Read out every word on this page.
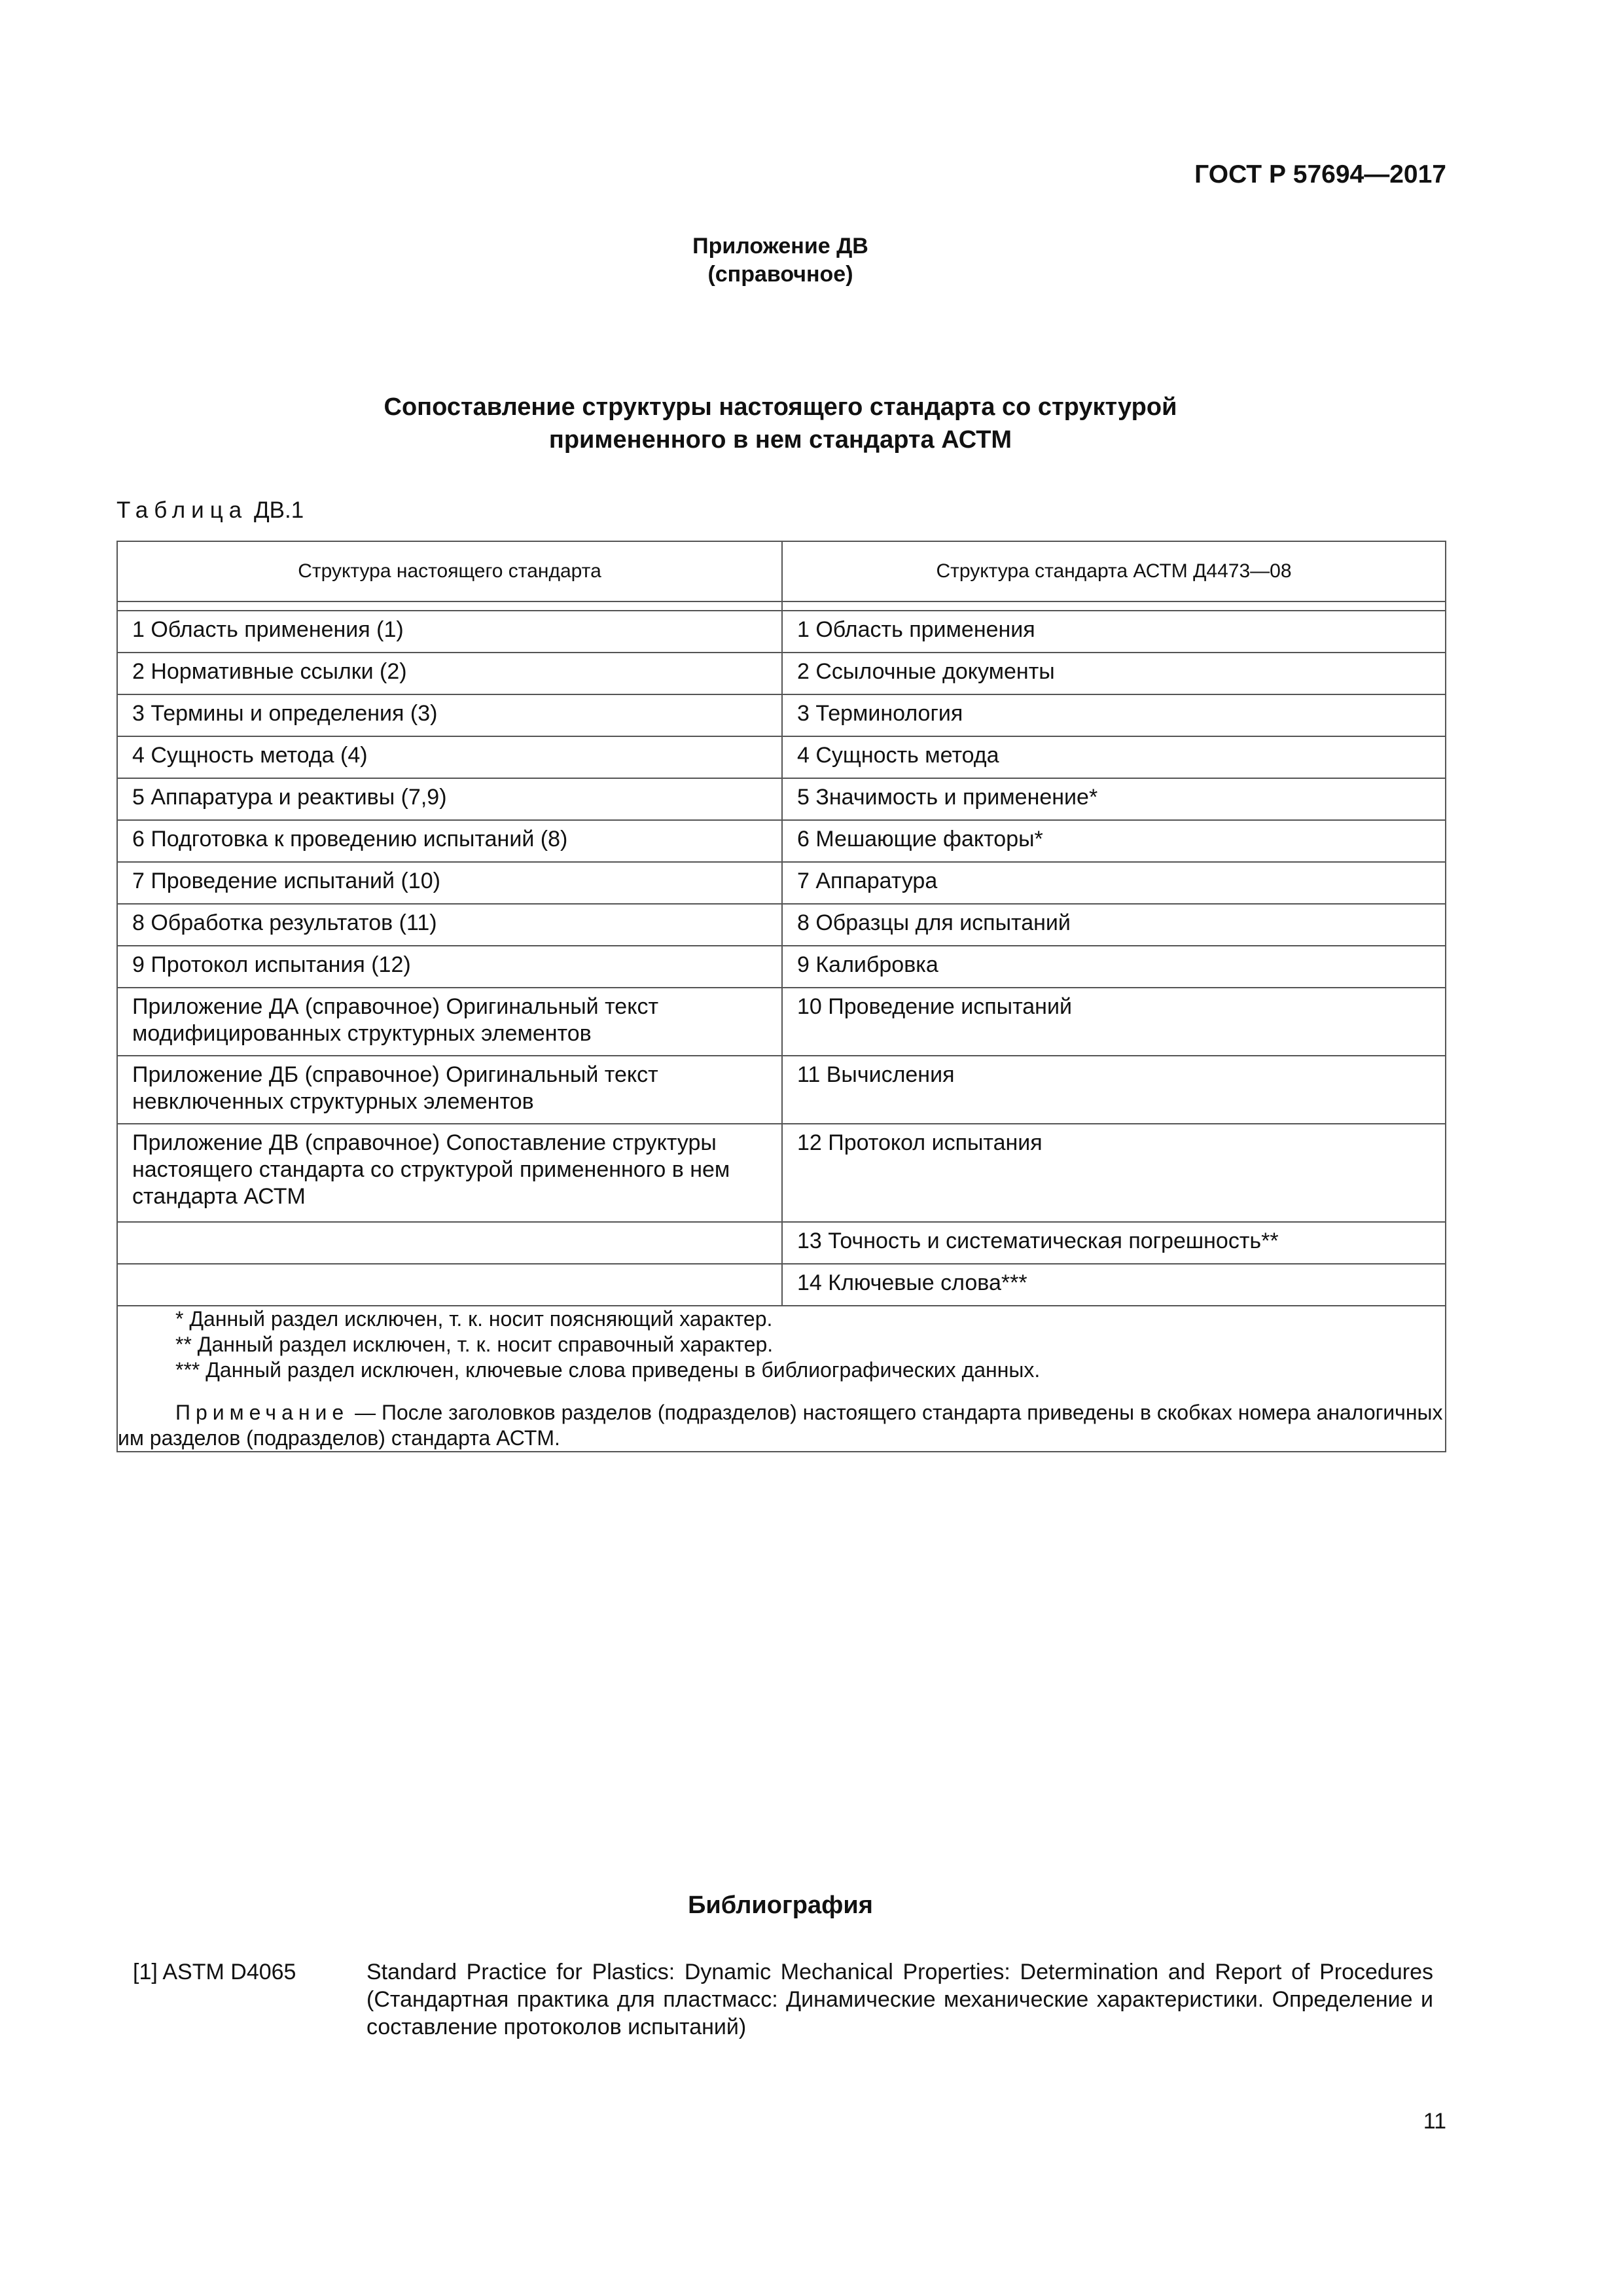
ГОСТ Р 57694—2017
Приложение ДВ
(справочное)
Сопоставление структуры настоящего стандарта со структурой
примененного в нем стандарта АСТМ
Таблица ДВ.1
Структура настоящего стандарта	Структура стандарта АСТМ Д4473—08

1 Область применения (1)	1 Область применения

2 Нормативные ссылки (2)	2 Ссылочные документы

3 Термины и определения (3)	3 Терминология

4 Сущность метода (4)	4 Сущность метода

5 Аппаратура и реактивы (7,9)	5 Значимость и применение*

6 Подготовка к проведению испытаний (8)	6 Мешающие факторы*

7 Проведение испытаний (10)	7 Аппаратура

8 Обработка результатов (11)	8 Образцы для испытаний

9 Протокол испытания (12)	9 Калибровка

Приложение ДА (справочное) Оригинальный текст модифицированных структурных элементов	10 Проведение испытаний

Приложение ДБ (справочное) Оригинальный текст невключенных структурных элементов	11 Вычисления

Приложение ДВ (справочное) Сопоставление структуры настоящего стандарта со структурой примененного в нем стандарта АСТМ	12 Протокол испытания

	13 Точность и систематическая погрешность**

	14 Ключевые слова***

* Данный раздел исключен, т. к. носит поясняющий характер.
** Данный раздел исключен, т. к. носит справочный характер.
*** Данный раздел исключен, ключевые слова приведены в библиографических данных.
Примечание — После заголовков разделов (подразделов) настоящего стандарта приведены в скобках номера аналогичных им разделов (подразделов) стандарта АСТМ.	
Библиография
[1] ASTM D4065	Standard Practice for Plastics: Dynamic Mechanical Properties: Determination and Report of Procedures (Стандартная практика для пластмасс: Динамические механические характеристики. Определение и составление протоколов испытаний)
11
